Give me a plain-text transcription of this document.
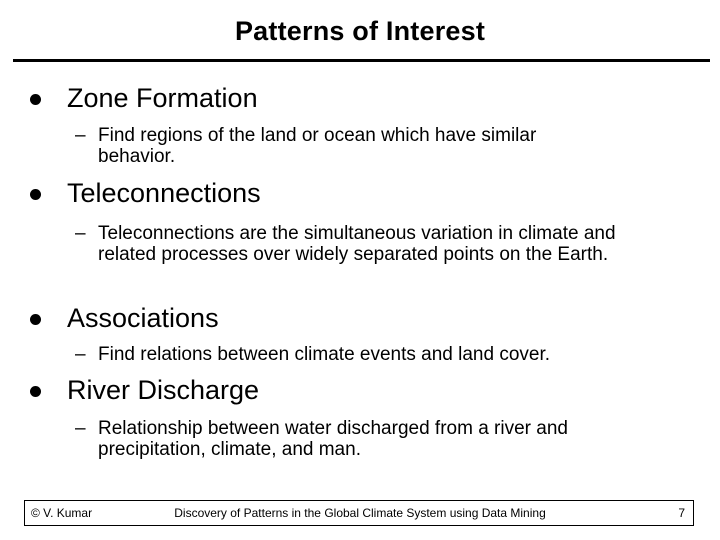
Patterns of Interest
Zone Formation
– Find regions of the land or ocean which have similar behavior.
Teleconnections
– Teleconnections are the simultaneous variation in climate and related processes over widely separated points on the Earth.
Associations
– Find relations between climate events and land cover.
River Discharge
– Relationship between water discharged from a river and precipitation, climate, and man.
© V. Kumar	Discovery of Patterns in the Global Climate System using Data Mining	7
